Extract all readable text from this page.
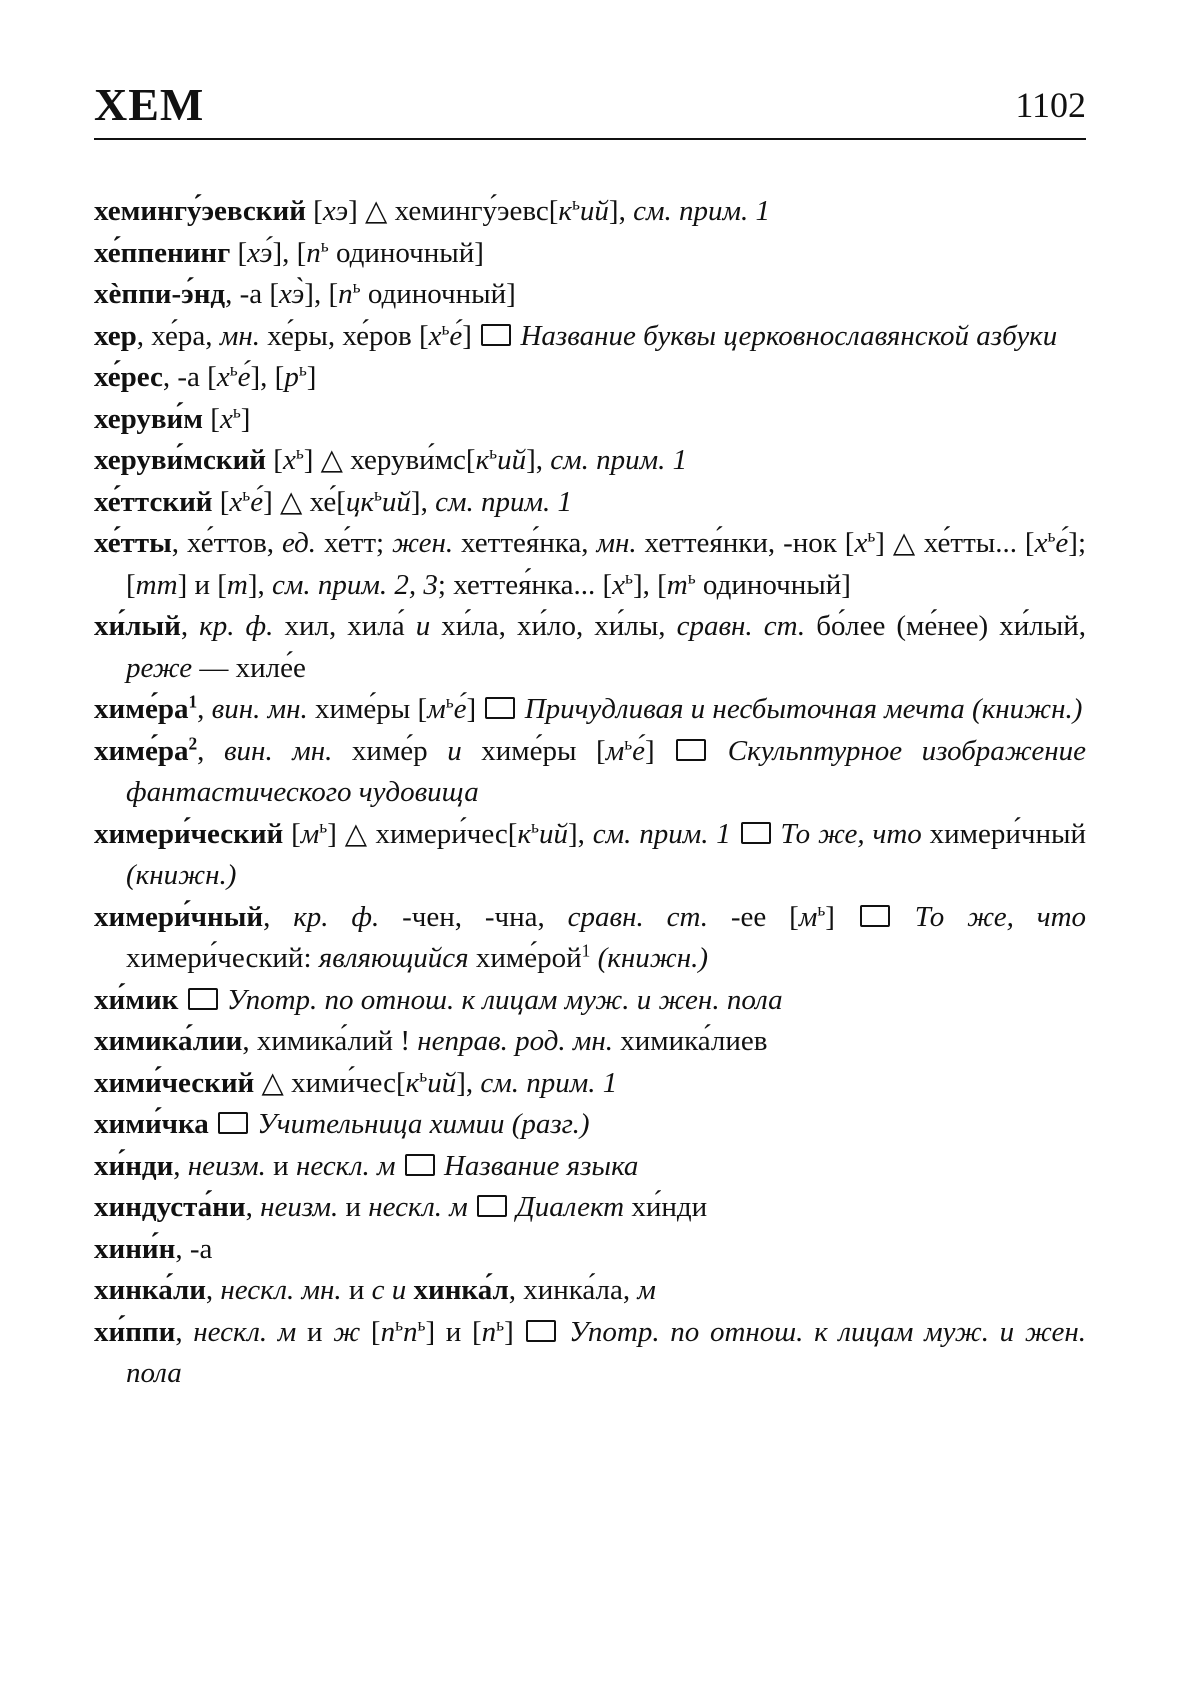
ХЕМ	1102
хемингу́эевский [хэ] △ $хемингу́эевс[к^ьий]$, см. прим. 1
хе́ппенинг [хэ́], [$п^ь$ одиночный]
хѐппи-э́нд, -а [хэ̀], [$п^ь$ одиночный]
хер, хе́ра, мн. хе́ры, хе́ров $[х^ье́]$  Название буквы церковнославянской азбуки
хе́рес, -а $[х^ье́]$, $[р^ь]$
херуви́м $[х^ь]$
херуви́мский $[х^ь]$ △ $херуви́мс[к^ьий]$, см. прим. 1
хе́ттский $[х^ье́]$ △ $хе́[цк^ьий]$, см. прим. 1
хе́тты, хе́ттов, ед. хе́тт; жен. хеттея́нка, мн. хеттея́нки, -нок $[х^ь]$ △ хе́тты... $[х^ье́]$; [тт] и [т], см. прим. 2, 3; хеттея́нка... $[х^ь]$, [$т^ь$ одиночный]
хи́лый, кр. ф. хил, хила́ и хи́ла, хи́ло, хи́лы, сравн. ст. бо́лее (ме́нее) хи́лый, реже — хиле́е
$химе́ра^1$, вин. мн. химе́ры $[м^ье́]$  Причудливая и несбыточная мечта (книжн.)
$химе́ра^2$, вин. мн. химе́р и химе́ры $[м^ье́]$  Скульптурное изображение фантастического чудовища
химери́ческий $[м^ь]$ △ $химери́чес[к^ьий]$, см. прим. 1  То же, что химери́чный (книжн.)
химери́чный, кр. ф. -чен, -чна, сравн. ст. -ее $[м^ь]$  То же, что химери́ческий: являющийся химе́рой$^1$ (книжн.)
хи́мик  Употр. по отнош. к лицам муж. и жен. пола
химика́лии, химика́лий ! неправ. род. мн. химика́лиев
хими́ческий △ $хими́чес[к^ьий]$, см. прим. 1
хими́чка  Учительница химии (разг.)
хи́нди, неизм. и нескл. м  Название языка
хиндуста́ни, неизм. и нескл. м  Диалект хи́нди
хини́н, -а
хинка́ли, нескл. мн. и с и хинка́л, хинка́ла, м
хи́ппи, нескл. м и ж $[п^ьп^ь]$ и $[п^ь]$  Употр. по отнош. к лицам муж. и жен. пола
